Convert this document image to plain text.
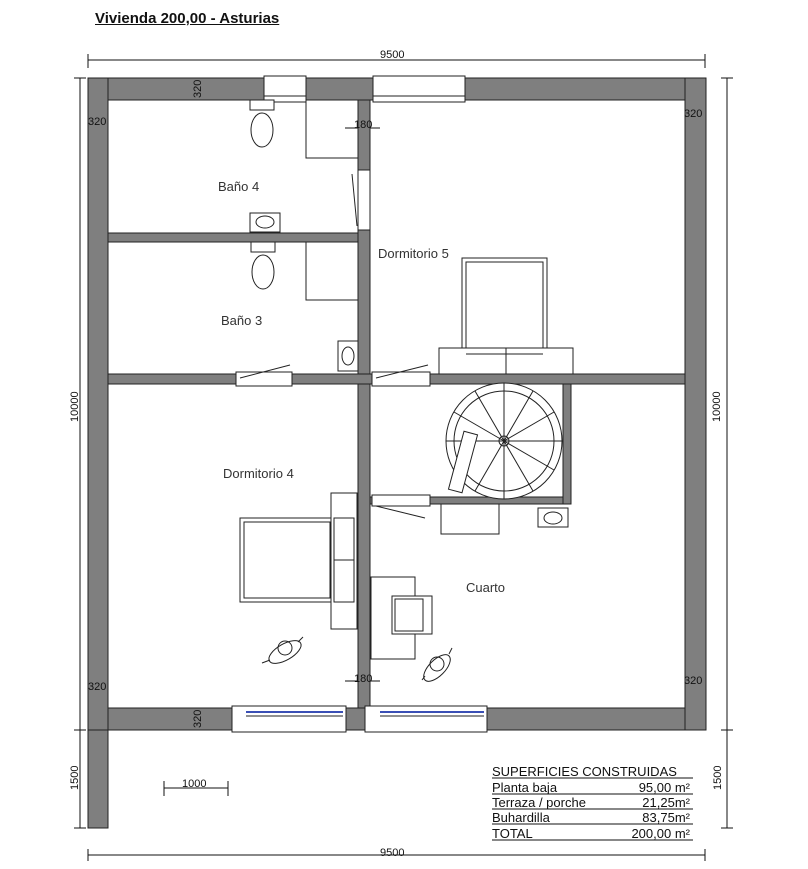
Vivienda 200,00 - Asturias
Baño 4
Baño 3
Dormitorio 5
Dormitorio 4
Cuarto
9500
9500
1000
10000	10000
1500	1500
320
320
320	320
320
320
180
180
SUPERFICIES CONSTRUIDAS
Planta baja	95,00 m²
Terraza / porche	21,25m²
Buhardilla	83,75m²
TOTAL	200,00 m²
